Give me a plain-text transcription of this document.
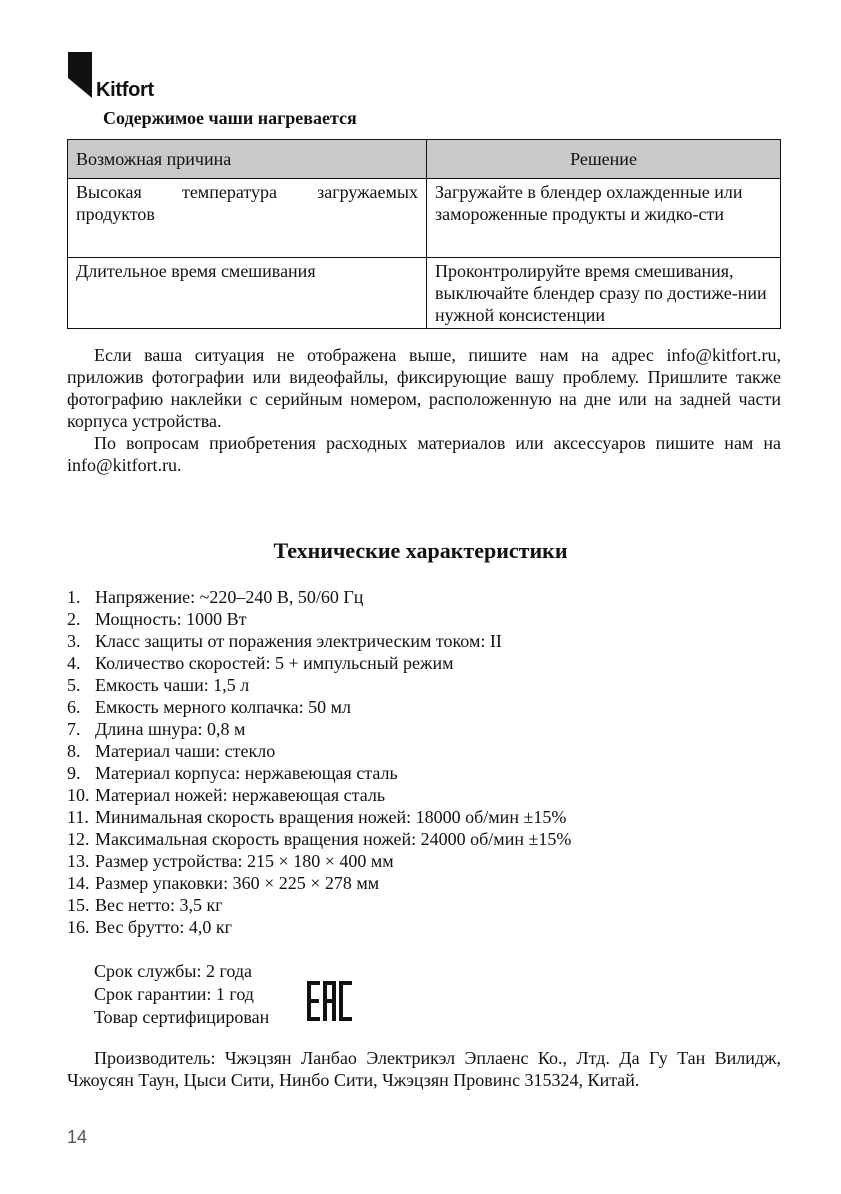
Kitfort
Содержимое чаши нагревается
Возможная причина	Решение
Высокая температура загружаемых продуктов	Загружайте в блендер охлажденные или замороженные продукты и жидко-сти
Длительное время смешивания	Проконтролируйте время смешивания, выключайте блендер сразу по достиже-нии нужной консистенции

Если ваша ситуация не отображена выше, пишите нам на адрес info@kitfort.ru, приложив фотографии или видеофайлы, фиксирующие вашу проблему. Пришлите также фотографию наклейки с серийным номером, расположенную на дне или на задней части корпуса устройства.

По вопросам приобретения расходных материалов или аксессуаров пишите нам на info@kitfort.ru.

Технические характеристики
1. Напряжение: ~220–240 В, 50/60 Гц
2. Мощность: 1000 Вт
3. Класс защиты от поражения электрическим током: II
4. Количество скоростей: 5 + импульсный режим
5. Емкость чаши: 1,5 л
6. Емкость мерного колпачка: 50 мл
7. Длина шнура: 0,8 м
8. Материал чаши: стекло
9. Материал корпуса: нержавеющая сталь
10. Материал ножей: нержавеющая сталь
11. Минимальная скорость вращения ножей: 18000 об/мин ±15%
12. Максимальная скорость вращения ножей: 24000 об/мин ±15%
13. Размер устройства: 215 × 180 × 400 мм
14. Размер упаковки: 360 × 225 × 278 мм
15. Вес нетто: 3,5 кг
16. Вес брутто: 4,0 кг
Срок службы: 2 года
Срок гарантии: 1 год
Товар сертифицирован

Производитель: Чжэцзян Ланбао Электрикэл Эплаенс Ко., Лтд. Да Гу Тан Вилидж, Чжоусян Таун, Цыси Сити, Нинбо Сити, Чжэцзян Провинс 315324, Китай.

14
